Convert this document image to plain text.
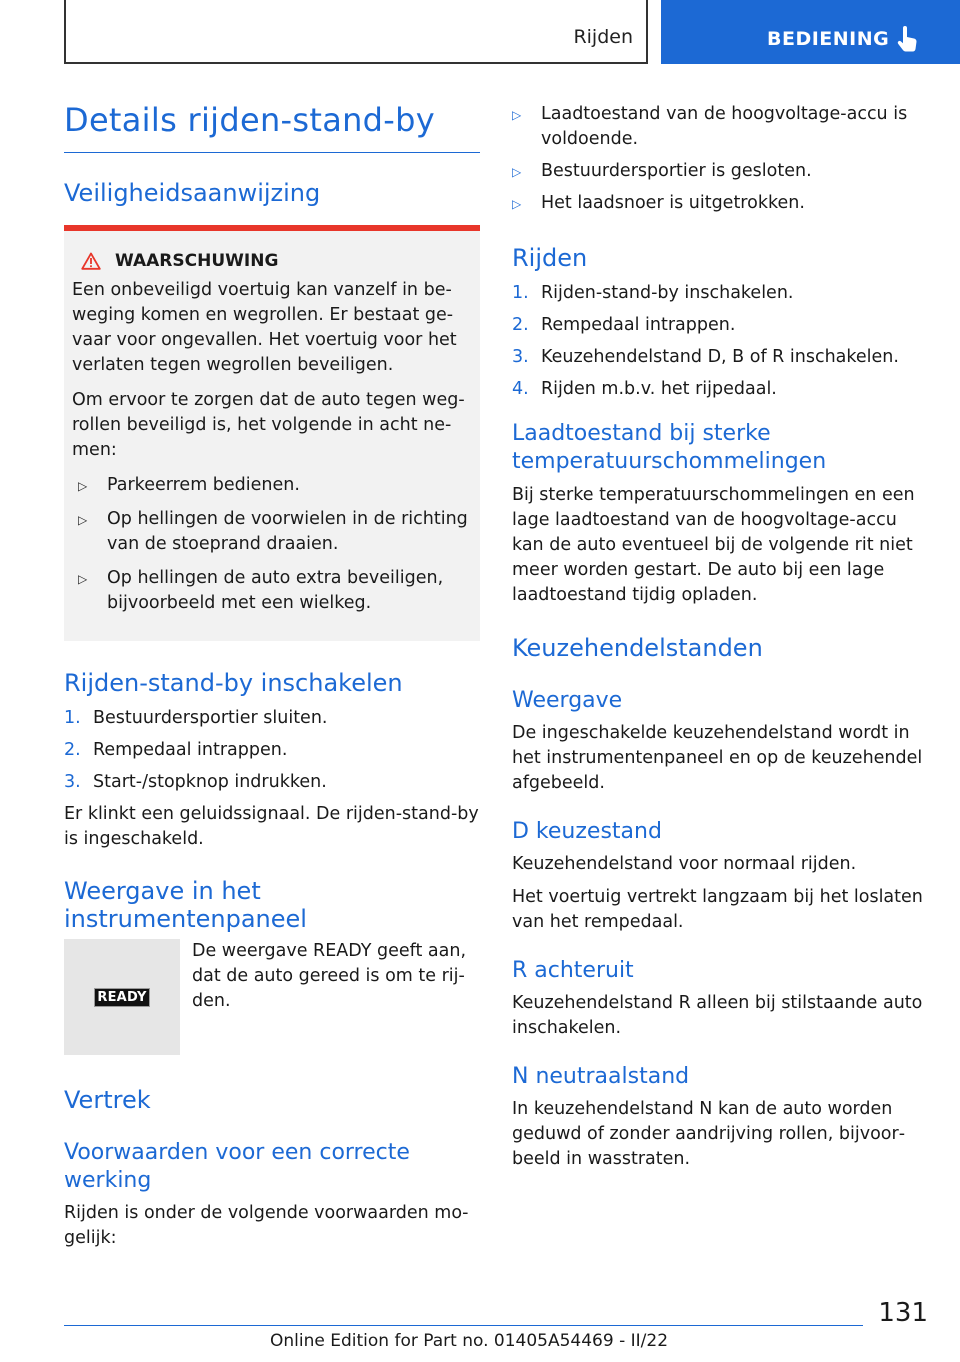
Rijden	BEDIENING
Details rijden-stand-by
Veiligheidsaanwijzing
WAARSCHUWING

Een onbeveiligd voertuig kan vanzelf in beweging komen en wegrollen. Er bestaat gevaar voor ongevallen. Het voertuig voor het verlaten tegen wegrollen beveiligen.

Om ervoor te zorgen dat de auto tegen wegrollen beveiligd is, het volgende in acht nemen:

▷ Parkeerrem bedienen.
▷ Op hellingen de voorwielen in de richting van de stoeprand draaien.
▷ Op hellingen de auto extra beveiligen, bijvoorbeeld met een wielkeg.
Rijden-stand-by inschakelen
1. Bestuurdersportier sluiten.
2. Rempedaal intrappen.
3. Start-/stopknop indrukken.

Er klinkt een geluidssignaal. De rijden-stand-by is ingeschakeld.

Weergave in het instrumentenpaneel
READY

De weergave READY geeft aan, dat de auto gereed is om te rijden.

Vertrek
Voorwaarden voor een correcte werking

Rijden is onder de volgende voorwaarden mogelijk:

▷ Laadtoestand van de hoogvoltage-accu is voldoende.
▷ Bestuurdersportier is gesloten.
▷ Het laadsnoer is uitgetrokken.
Rijden
1. Rijden-stand-by inschakelen.
2. Rempedaal intrappen.
3. Keuzehendelstand D, B of R inschakelen.
4. Rijden m.b.v. het rijpedaal.
Laadtoestand bij sterke temperatuurschommelingen

Bij sterke temperatuurschommelingen en een lage laadtoestand van de hoogvoltage-accu kan de auto eventueel bij de volgende rit niet meer worden gestart. De auto bij een lage laadtoestand tijdig opladen.

Keuzehendelstanden
Weergave

De ingeschakelde keuzehendelstand wordt in het instrumentenpaneel en op de keuzehendel afgebeeld.

D keuzestand

Keuzehendelstand voor normaal rijden.

Het voertuig vertrekt langzaam bij het loslaten van het rempedaal.

R achteruit

Keuzehendelstand R alleen bij stilstaande auto inschakelen.

N neutraalstand

In keuzehendelstand N kan de auto worden geduwd of zonder aandrijving rollen, bijvoorbeeld in wasstraten.

131
Online Edition for Part no. 01405A54469 - II/22
